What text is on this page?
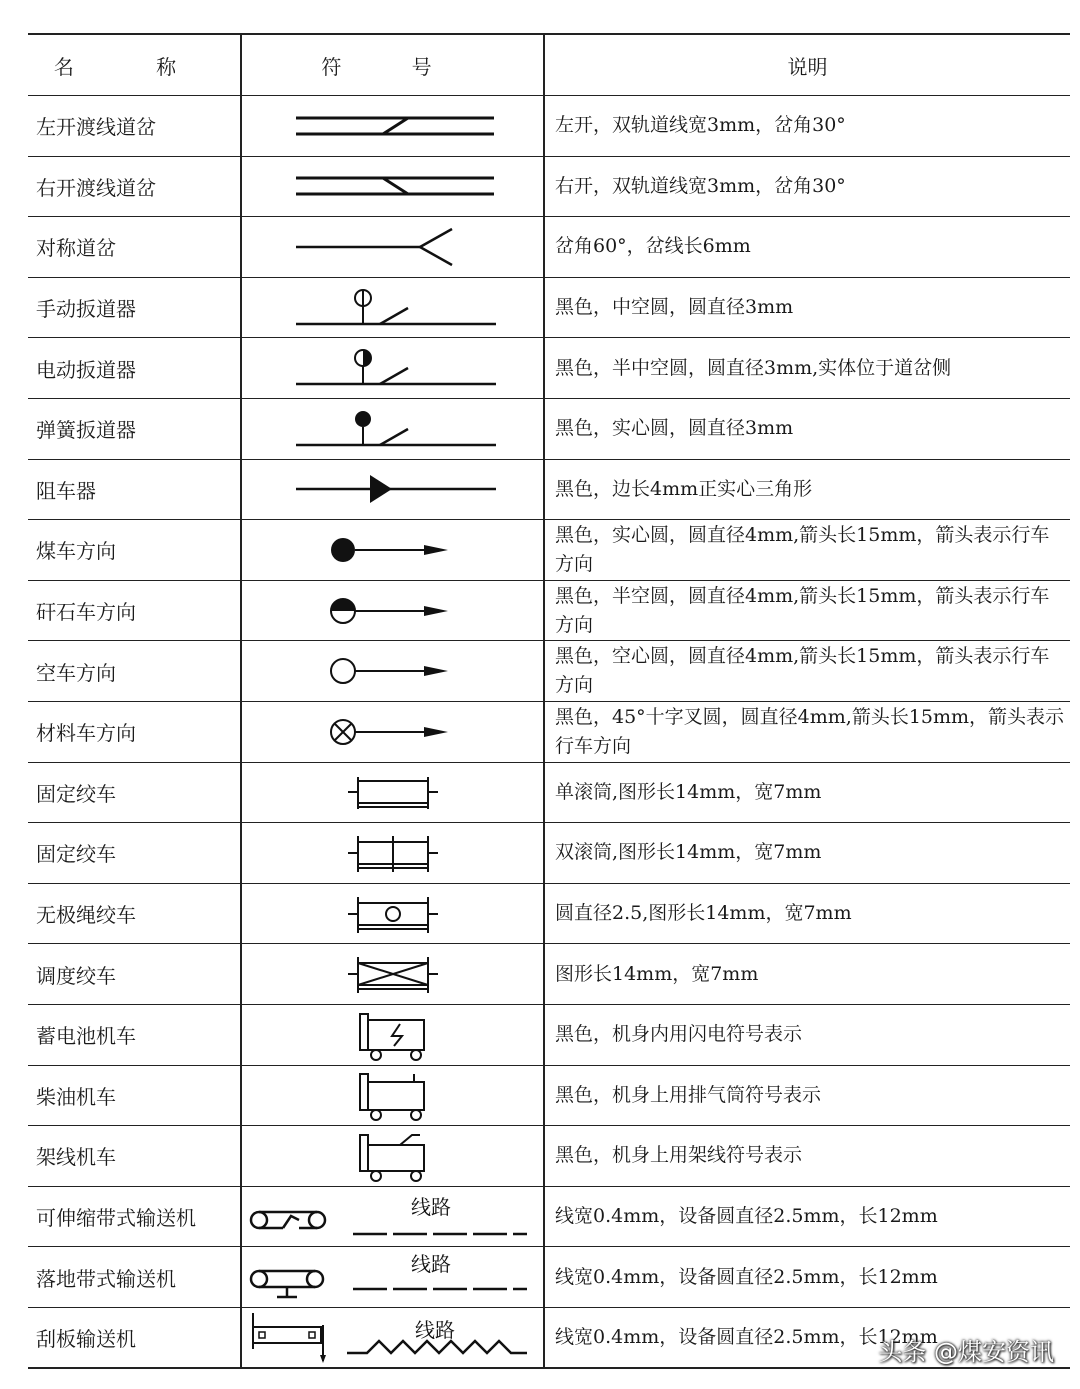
名 称	符 号	说明
左开渡线道岔		左开，双轨道线宽3mm，岔角30°
右开渡线道岔		右开，双轨道线宽3mm，岔角30°
对称道岔		岔角60°，岔线长6mm
手动扳道器		黑色，中空圆，圆直径3mm
电动扳道器		黑色，半中空圆，圆直径3mm,实体位于道岔侧
弹簧扳道器		黑色，实心圆，圆直径3mm
阻车器		黑色，边长4mm正实心三角形
煤车方向		黑色，实心圆，圆直径4mm,箭头长15mm，箭头表示行车方向
矸石车方向		黑色，半空圆，圆直径4mm,箭头长15mm，箭头表示行车方向
空车方向		黑色，空心圆，圆直径4mm,箭头长15mm，箭头表示行车方向
材料车方向		黑色，45°十字叉圆，圆直径4mm,箭头长15mm，箭头表示行车方向
固定绞车		单滚筒,图形长14mm，宽7mm
固定绞车		双滚筒,图形长14mm，宽7mm
无极绳绞车		圆直径2.5,图形长14mm，宽7mm
调度绞车		图形长14mm，宽7mm
蓄电池机车		黑色，机身内用闪电符号表示
柴油机车		黑色，机身上用排气筒符号表示
架线机车		黑色，机身上用架线符号表示
可伸缩带式输送机	线路	线宽0.4mm，设备圆直径2.5mm，长12mm
落地带式输送机	线路	线宽0.4mm，设备圆直径2.5mm，长12mm
刮板输送机	线路	线宽0.4mm，设备圆直径2.5mm，长12mm
头条 @煤安资讯
